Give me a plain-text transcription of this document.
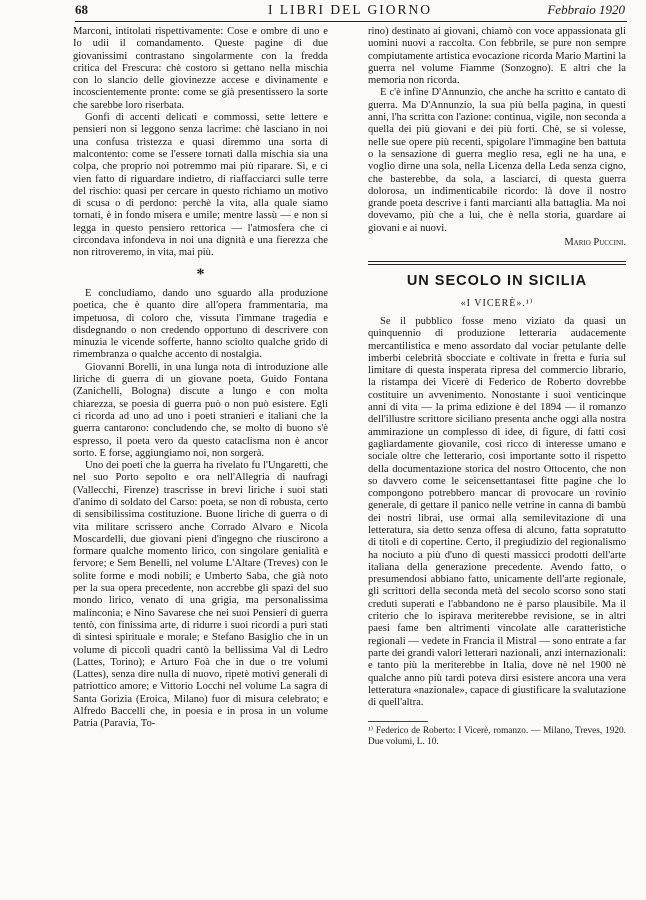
I LIBRI DEL GIORNO
68	Febbraio 1920

Marconi, intitolati rispettivamente: Cose e ombre di uno e Io udii il comandamento. Queste pagine di due giovanissimi contrastano singolarmente con la fredda critica del Frescura: chè costoro si gettano nella mischia con lo slancio delle giovinezze accese e divinamente e incoscientemente pronte: come se già presentissero la sorte che sarebbe loro riserbata.

Gonfi di accenti delicati e commossi, sette lettere e pensieri non si leggono senza lacrime: chè lasciano in noi una confusa tristezza e quasi diremmo una sorta di malcontento: come se l'essere tornati dalla mischia sia una colpa, che proprio noi potremmo mai più riparare. Sì, e ci vien fatto di riguardare indietro, di riaffacciarci sulle terre del rischio: quasi per cercare in questo richiamo un motivo di scusa o di perdono: perchè la vita, alla quale siamo tornati, è in fondo misera e umile; mentre lassù — e non si legga in questo pensiero rettorica — l'atmosfera che ci circondava infondeva in noi una dignità e una fierezza che non ritroveremo, in vita, mai più.

*

E concludiamo, dando uno sguardo alla produzione poetica, che è quanto dire all'opera frammentaria, ma impetuosa, di coloro che, vissuta l'immane tragedia e disdegnando o non credendo opportuno di descrivere con minuzia le vicende sofferte, hanno sciolto qualche grido di rimembranza o qualche accento di nostalgia.

Giovanni Borelli, in una lunga nota di introduzione alle liriche di guerra di un giovane poeta, Guido Fontana (Zanichelli, Bologna) discute a lungo e con molta chiarezza, se poesia di guerra può o non può esistere. Egli ci ricorda ad uno ad uno i poeti stranieri e italiani che la guerra cantarono: concludendo che, se molto di buono s'è espresso, il poeta vero da questo cataclisma non è ancor sorto. E forse, aggiungiamo noi, non sorgerà.

Uno dei poeti che la guerra ha rivelato fu l'Ungaretti, che nel suo Porto sepolto e ora nell'Allegria di naufragi (Vallecchi, Firenze) trascrisse in brevi liriche i suoi stati d'animo di soldato del Carso: poeta, se non di robusta, certo di sensibilissima costituzione. Buone liriche di guerra o di vita militare scrissero anche Corrado Alvaro e Nicola Moscardelli, due giovani pieni d'ingegno che riuscirono a formare qualche momento lirico, con singolare genialità e fervore; e Sem Benelli, nel volume L'Altare (Treves) con le solite forme e modi nobili; e Umberto Saba, che già noto per la sua opera precedente, non accrebbe gli spazi del suo mondo lirico, venato di una grigia, ma personalissima malinconia; e Nino Savarese che nei suoi Pensieri di guerra tentò, con finissima arte, di ridurre i suoi ricordi a puri stati di sintesi spirituale e morale; e Stefano Basiglio che in un volume di piccoli quadri cantò la bellissima Val di Ledro (Lattes, Torino); e Arturo Foà che in due o tre volumi (Lattes), senza dire nulla di nuovo, ripetè motivi generali di patriottico amore; e Vittorio Locchi nel volume La sagra di Santa Gorizia (Eroica, Milano) fuor di misura celebrato; e Alfredo Baccelli che, in poesia e in prosa in un volume Patria (Paravia, To-

rino) destinato ai giovani, chiamò con voce appassionata gli uomini nuovi a raccolta. Con febbrile, se pure non sempre compiutamente artistica evocazione ricorda Mario Martini la guerra nel volume Fiamme (Sonzogno). E altri che la memoria non ricorda.

E c'è infine D'Annunzio, che anche ha scritto e cantato di guerra. Ma D'Annunzio, la sua più bella pagina, in questi anni, l'ha scritta con l'azione: continua, vigile, non seconda a quella dei più giovani e dei più forti. Chè, se si volesse, nelle sue opere più recenti, spigolare l'immagine ben battuta o la sensazione di guerra meglio resa, egli ne ha una, e voglio dirne una sola, nella Licenza della Leda senza cigno, che basterebbe, da sola, a lasciarci, di questa guerra dolorosa, un indimenticabile ricordo: là dove il nostro grande poeta descrive i fanti marcianti alla battaglia. Ma noi dovevamo, più che a lui, che è nella storia, guardare ai giovani e ai nuovi.

Mario Puccini.
UN SECOLO IN SICILIA
«I VICERÈ».¹⁾

Se il pubblico fosse meno viziato da quasi un quinquennio di produzione letteraria audacemente mercantilistica e meno assordato dal vociar petulante delle imberbi celebrità sbocciate e coltivate in fretta e furia sul limitare di questa insperata ripresa del commercio librario, la ristampa dei Vicerè di Federico de Roberto dovrebbe costituire un avvenimento. Nonostante i suoi venticinque anni di vita — la prima edizione è del 1894 — il romanzo dell'illustre scrittore siciliano presenta anche oggi alla nostra ammirazione un complesso di idee, di figure, di fatti così gagliardamente giovanile, così ricco di interesse umano e sociale oltre che letterario, così importante sotto il rispetto della documentazione storica del nostro Ottocento, che non so davvero come le seicensettantasei fitte pagine che lo compongono potrebbero mancar di provocare un rovinio generale, di gettare il panico nelle vetrine in canna di bambù dei nostri librai, use ormai alla semilevitazione di una letteratura, sia detto senza offesa di alcuno, fatta sopratutto di titoli e di copertine. Certo, il pregiudizio del regionalismo ha nociuto a più d'uno di questi massicci prodotti dell'arte italiana della generazione precedente. Avendo fatto, o presumendosi abbiano fatto, unicamente dell'arte regionale, gli scrittori della seconda metà del secolo scorso sono stati creduti superati e l'abbandono ne è parso plausibile. Ma il criterio che lo ispirava meriterebbe revisione, se in altri paesi fame ben altrimenti vincolate alle caratteristiche regionali — vedete in Francia il Mistral — sono entrate a far parte dei grandi valori letterari nazionali, anzi internazionali: e tanto più la meriterebbe in Italia, dove nè nel 1900 nè qualche anno più tardi poteva dirsi esistere ancora una vera letteratura «nazionale», capace di giustificare la svalutazione di quell'altra.

¹⁾ Federico de Roberto: I Vicerè, romanzo. — Milano, Treves, 1920. Due volumi, L. 10.
